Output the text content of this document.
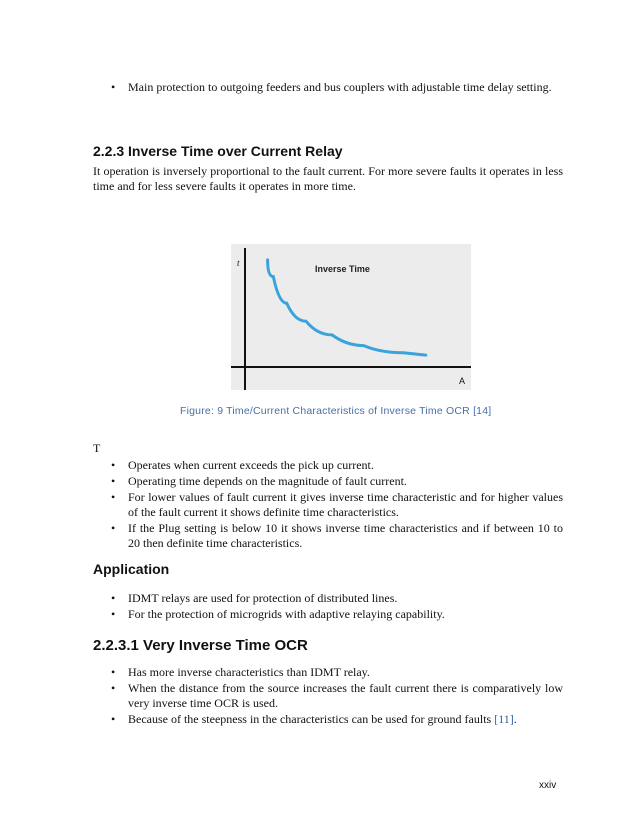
• Main protection to outgoing feeders and bus couplers with adjustable time delay setting.
2.2.3 Inverse Time over Current Relay

It operation is inversely proportional to the fault current. For more severe faults it operates in less time and for less severe faults it operates in more time.

t
A
Inverse Time
Figure: 9 Time/Current Characteristics of Inverse Time OCR [14]
T
• Operates when current exceeds the pick up current.
• Operating time depends on the magnitude of fault current.
• For lower values of fault current it gives inverse time characteristic and for higher values of the fault current it shows definite time characteristics.
• If the Plug setting is below 10 it shows inverse time characteristics and if between 10 to 20 then definite time characteristics.
Application
• IDMT relays are used for protection of distributed lines.
• For the protection of microgrids with adaptive relaying capability.
2.2.3.1 Very Inverse Time OCR
• Has more inverse characteristics than IDMT relay.
• When the distance from the source increases the fault current there is comparatively low very inverse time OCR is used.
• Because of the steepness in the characteristics can be used for ground faults [11].
xxiv
